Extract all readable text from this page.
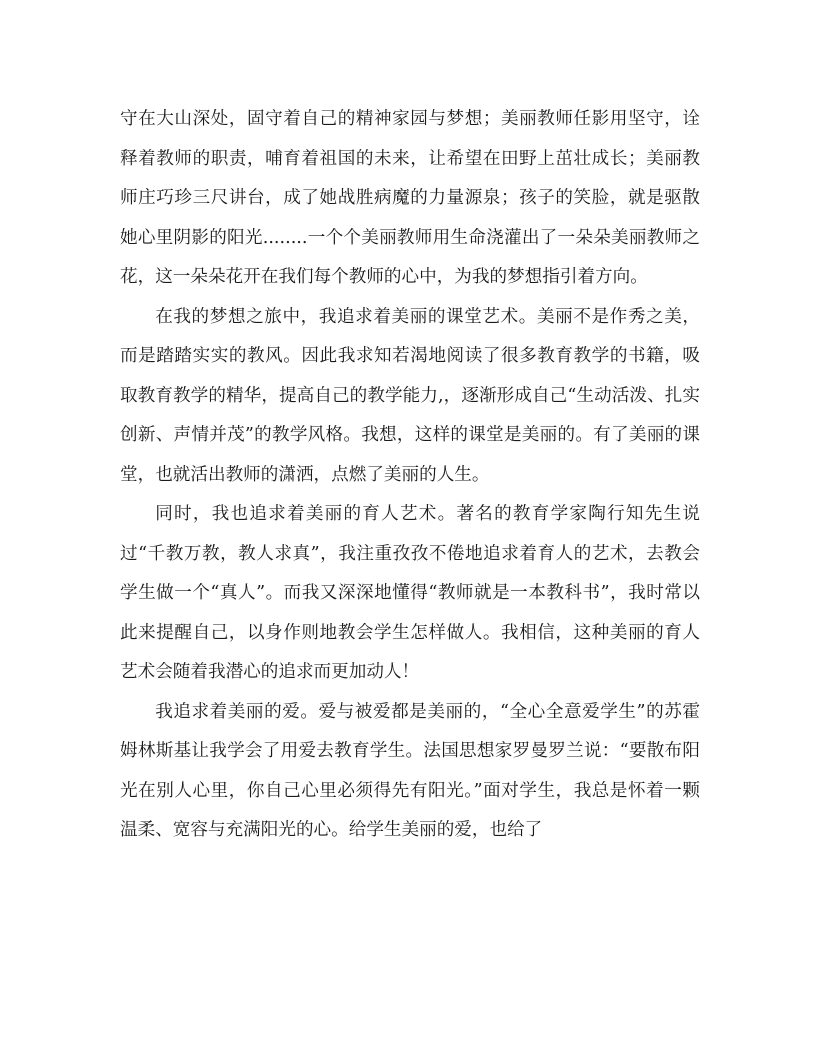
守在大山深处，固守着自己的精神家园与梦想；美丽教师任影用坚守，诠释着教师的职责，哺育着祖国的未来，让希望在田野上茁壮成长；美丽教师庄巧珍三尺讲台，成了她战胜病魔的力量源泉；孩子的笑脸，就是驱散她心里阴影的阳光........一个个美丽教师用生命浇灌出了一朵朵美丽教师之花，这一朵朵花开在我们每个教师的心中，为我的梦想指引着方向。

在我的梦想之旅中，我追求着美丽的课堂艺术。美丽不是作秀之美，而是踏踏实实的教风。因此我求知若渴地阅读了很多教育教学的书籍，吸取教育教学的精华，提高自己的教学能力,，逐渐形成自己“生动活泼、扎实创新、声情并茂”的教学风格。我想，这样的课堂是美丽的。有了美丽的课堂，也就活出教师的潇洒，点燃了美丽的人生。

同时，我也追求着美丽的育人艺术。著名的教育学家陶行知先生说过“千教万教，教人求真”，我注重孜孜不倦地追求着育人的艺术，去教会学生做一个“真人”。而我又深深地懂得“教师就是一本教科书”，我时常以此来提醒自己，以身作则地教会学生怎样做人。我相信，这种美丽的育人艺术会随着我潜心的追求而更加动人！

我追求着美丽的爱。爱与被爱都是美丽的，“全心全意爱学生”的苏霍姆林斯基让我学会了用爱去教育学生。法国思想家罗曼罗兰说：“要散布阳光在别人心里，你自己心里必须得先有阳光。”面对学生，我总是怀着一颗温柔、宽容与充满阳光的心。给学生美丽的爱，也给了
